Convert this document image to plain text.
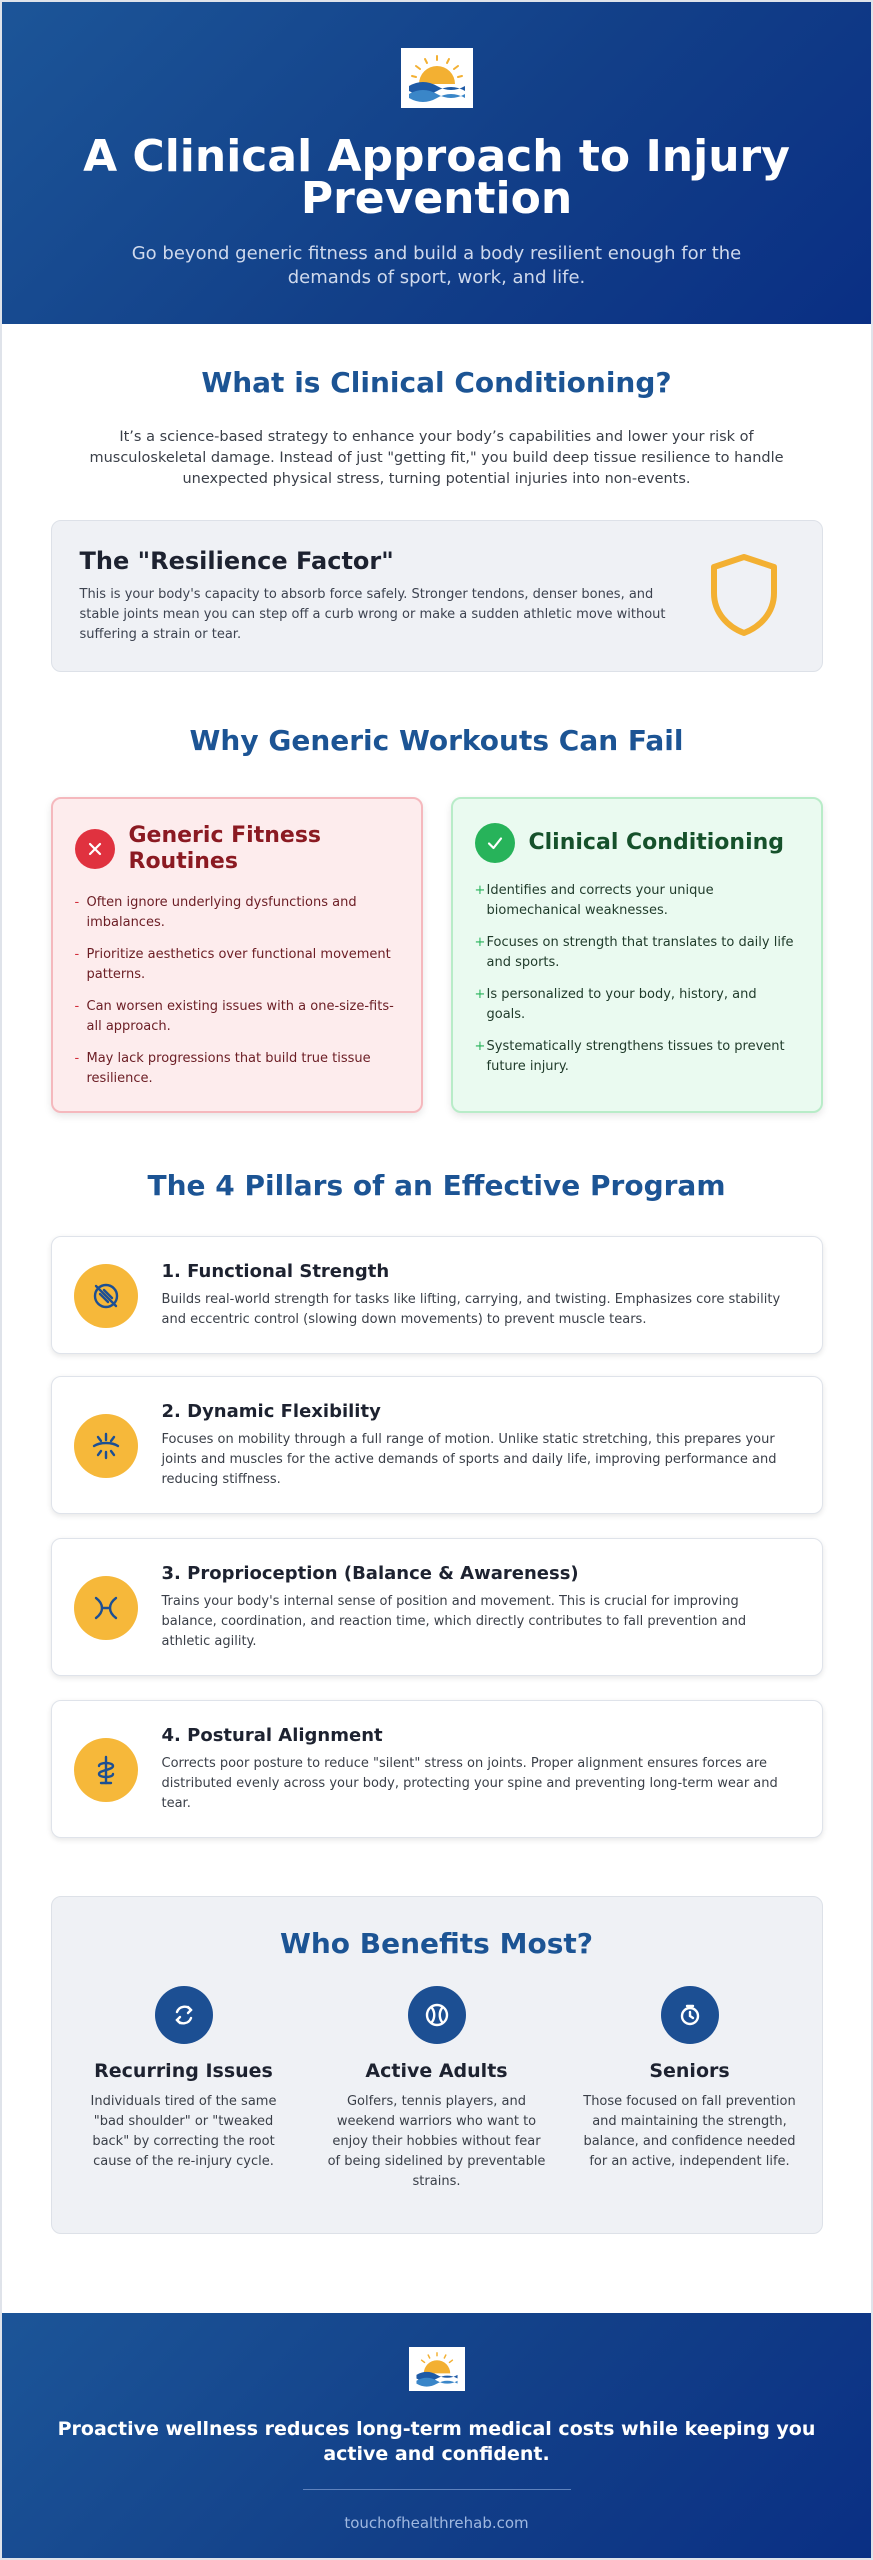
A Clinical Approach to Injury Prevention

Go beyond generic fitness and build a body resilient enough for the demands of sport, work, and life.

What is Clinical Conditioning?

It’s a science-based strategy to enhance your body’s capabilities and lower your risk of musculoskeletal damage. Instead of just "getting fit," you build deep tissue resilience to handle unexpected physical stress, turning potential injuries into non-events.

The "Resilience Factor"

This is your body's capacity to absorb force safely. Stronger tendons, denser bones, and stable joints mean you can step off a curb wrong or make a sudden athletic move without suffering a strain or tear.

Why Generic Workouts Can Fail
Generic Fitness Routines
- Often ignore underlying dysfunctions and imbalances.
- Prioritize aesthetics over functional movement patterns.
- Can worsen existing issues with a one-size-fits-all approach.
- May lack progressions that build true tissue resilience.
Clinical Conditioning
+ Identifies and corrects your unique biomechanical weaknesses.
+ Focuses on strength that translates to daily life and sports.
+ Is personalized to your body, history, and goals.
+ Systematically strengthens tissues to prevent future injury.
The 4 Pillars of an Effective Program
1. Functional Strength

Builds real-world strength for tasks like lifting, carrying, and twisting. Emphasizes core stability and eccentric control (slowing down movements) to prevent muscle tears.

2. Dynamic Flexibility

Focuses on mobility through a full range of motion. Unlike static stretching, this prepares your joints and muscles for the active demands of sports and daily life, improving performance and reducing stiffness.

3. Proprioception (Balance & Awareness)

Trains your body's internal sense of position and movement. This is crucial for improving balance, coordination, and reaction time, which directly contributes to fall prevention and athletic agility.

4. Postural Alignment

Corrects poor posture to reduce "silent" stress on joints. Proper alignment ensures forces are distributed evenly across your body, protecting your spine and preventing long-term wear and tear.

Who Benefits Most?
Recurring Issues

Individuals tired of the same "bad shoulder" or "tweaked back" by correcting the root cause of the re-injury cycle.

Active Adults

Golfers, tennis players, and weekend warriors who want to enjoy their hobbies without fear of being sidelined by preventable strains.

Seniors

Those focused on fall prevention and maintaining the strength, balance, and confidence needed for an active, independent life.

Proactive wellness reduces long-term medical costs while keeping you active and confident.

touchofhealthrehab.com
